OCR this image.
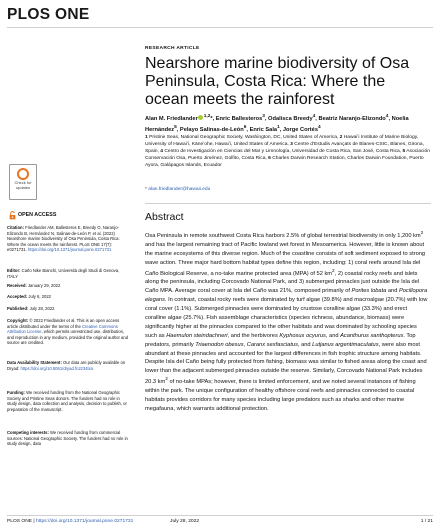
PLOS ONE
RESEARCH ARTICLE
Nearshore marine biodiversity of Osa Peninsula, Costa Rica: Where the ocean meets the rainforest
Alan M. Friedlander $^{1,2}$*, Enric Ballesteros$^3$, Odalisca Breedy$^4$, Beatriz Naranjo-Elizondo$^4$, Noelia Hernández$^5$, Pelayo Salinas-de-León$^6$, Enric Sala$^1$, Jorge Cortés$^4$
1 Pristine Seas, National Geographic Society, Washington, DC, United States of America, 2 Hawaiʻi Institute of Marine Biology, University of Hawaiʻi, Kāneʻohe, Hawaiʻi, United States of America, 3 Centre d'Estudis Avançats de Blanes-CSIC, Blanes, Girona, Spain, 4 Centro de Investigación en Ciencias del Mar y Limnología, Universidad de Costa Rica, San José, Costa Rica, 5 Asociación Conservación Osa, Puerto Jiménez, Golfito, Costa Rica, 6 Charles Darwin Research Station, Charles Darwin Foundation, Puerto Ayora, Galápagos Islands, Ecuador
* alan.friedlander@hawaii.edu
Check for
updates
OPEN ACCESS
Citation: Friedlander AM, Ballesteros E, Breedy O, Naranjo-Elizondo B, Hernández N, Salinas-de-León P, et al. (2022) Nearshore marine biodiversity of Osa Peninsula, Costa Rica: Where the ocean meets the rainforest. PLoS ONE 17(7): e0271731. https://doi.org/10.1371/journal.pone.0271731
Editor: Carlo Nike Bianchi, Università degli Studi di Genova, ITALY
Received: January 29, 2022
Accepted: July 6, 2022
Published: July 28, 2022
Copyright: © 2022 Friedlander et al. This is an open access article distributed under the terms of the Creative Commons Attribution License, which permits unrestricted use, distribution, and reproduction in any medium, provided the original author and source are credited.
Data Availability Statement: Our data are publicly available on Dryad: https://doi.org/10.5061/dryad.fn2z34txn.
Funding: We received funding from the National Geographic Society and Pristine Seas donors. The funders had no role in study design, data collection and analysis, decision to publish, or preparation of the manuscript.
Competing interests: We received funding from commercial sources: National Geographic Society. The funders had no role in study design, data
Abstract

Osa Peninsula in remote southwest Costa Rica harbors 2.5% of global terrestrial biodiversity in only 1,200 $km^2$ and has the largest remaining tract of Pacific lowland wet forest in Mesoamerica. However, little is known about the marine ecosystems of this diverse region. Much of the coastline consists of soft sediment exposed to strong wave action. Three major hard bottom habitat types define this region, including: 1) coral reefs around Isla del Caño Biological Reserve, a no-take marine protected area (MPA) of 52 $km^2$, 2) coastal rocky reefs and islets along the peninsula, including Corcovado National Park, and 3) submerged pinnacles just outside the Isla del Caño MPA. Average coral cover at Isla del Caño was 21%, composed primarily of Porites lobata and Pocillopora elegans. In contrast, coastal rocky reefs were dominated by turf algae (39.8%) and macroalgae (20.7%) with low coral cover (1.1%). Submerged pinnacles were dominated by crustose coralline algae (33.3%) and erect coralline algae (25.7%). Fish assemblage characteristics (species richness, abundance, biomass) were significantly higher at the pinnacles compared to the other habitats and was dominated by schooling species such as Haemulon steindachneri, and the herbivores Kyphosus ocyurus, and Acanthurus xanthopterus. Top predators, primarily Triaenodon obesus, Caranx sexfasciatus, and Lutjanus argentimaculatus, were also most abundant at these pinnacles and accounted for the largest differences in fish trophic structure among habitats. Despite Isla del Caño being fully protected from fishing, biomass was similar to fished areas along the coast and lower than the adjacent submerged pinnacles outside the reserve. Similarly, Corcovado National Park includes 20.3 $km^2$ of no-take MPAs; however, there is limited enforcement, and we noted several instances of fishing within the park. The unique configuration of healthy offshore coral reefs and pinnacles connected to coastal habitats provides corridors for many species including large predators such as sharks and other marine megafauna, which warrants additional protection.

PLOS ONE | https://doi.org/10.1371/journal.pone.0271731	July 28, 2022	1 / 21
